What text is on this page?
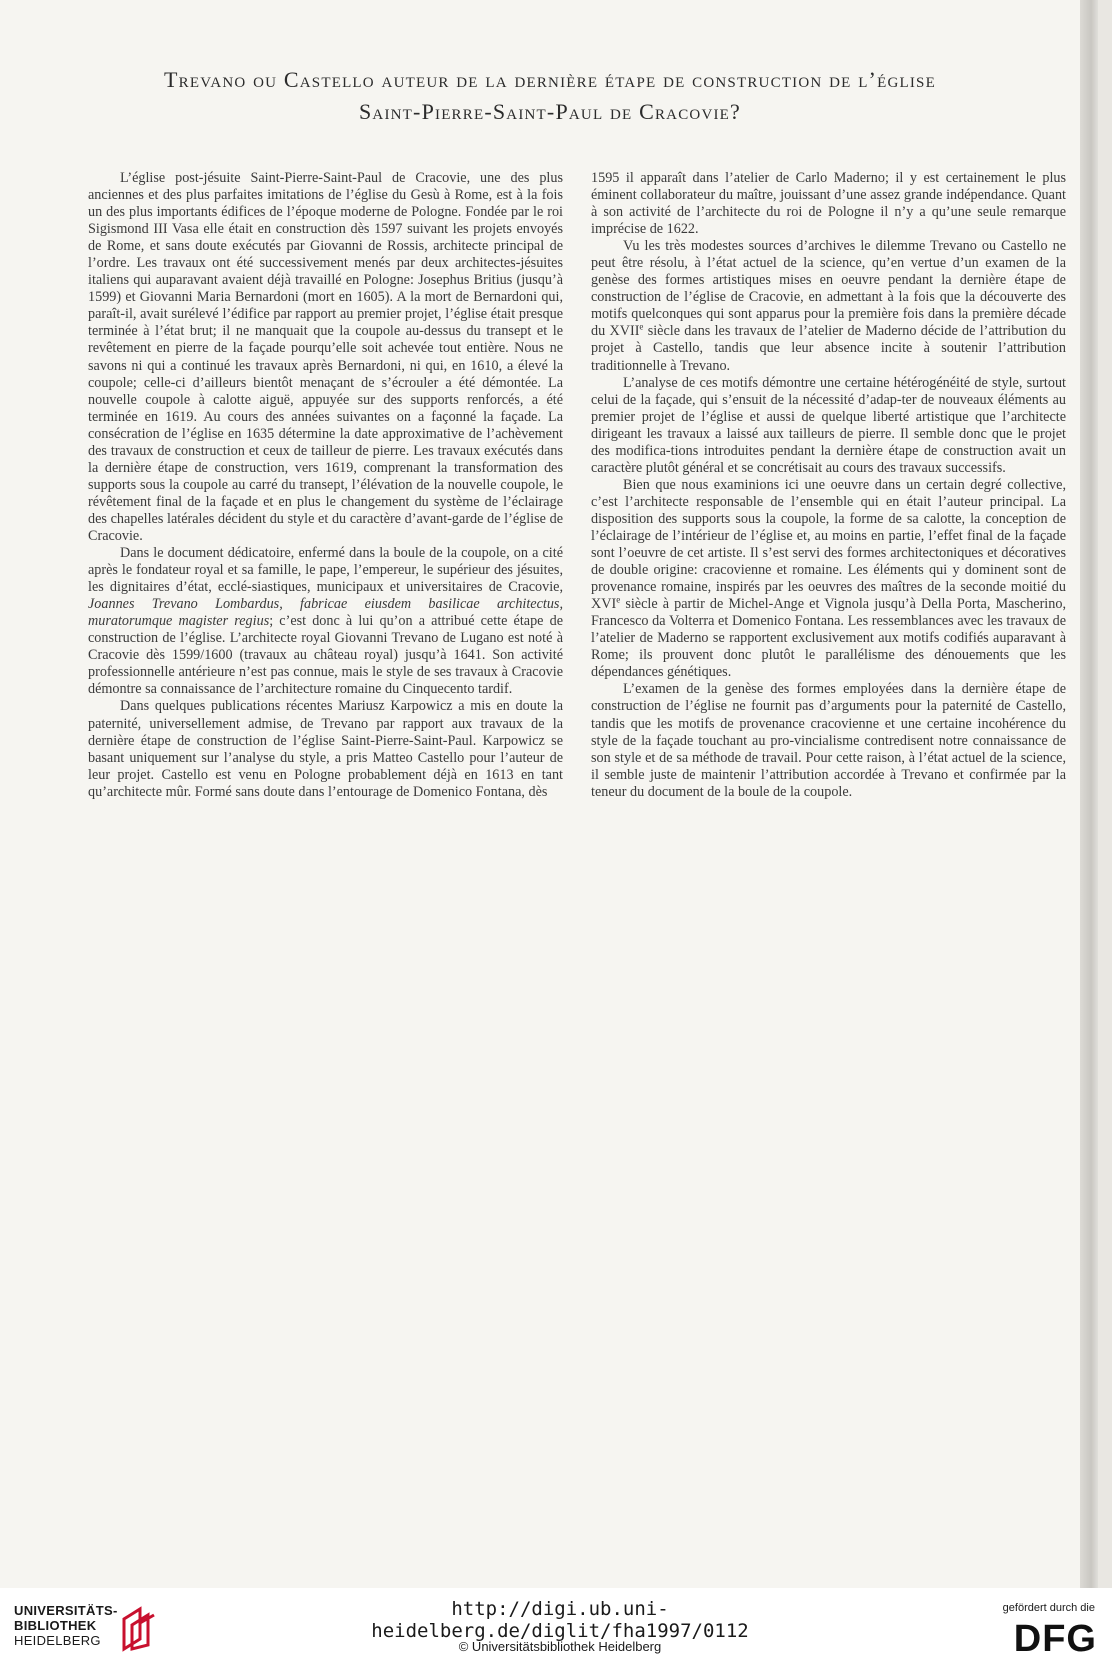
Trevano ou Castello auteur de la dernière étape de construction de l’église
Saint-Pierre-Saint-Paul de Cracovie?

L’église post-jésuite Saint-Pierre-Saint-Paul de Cracovie, une des plus anciennes et des plus parfaites imitations de l’église du Gesù à Rome, est à la fois un des plus importants édifices de l’époque moderne de Pologne. Fondée par le roi Sigismond III Vasa elle était en construction dès 1597 suivant les projets envoyés de Rome, et sans doute exécutés par Giovanni de Rossis, architecte principal de l’ordre. Les travaux ont été successivement menés par deux architectes-jésuites italiens qui auparavant avaient déjà travaillé en Pologne: Josephus Britius (jusqu’à 1599) et Giovanni Maria Bernardoni (mort en 1605). A la mort de Bernardoni qui, paraît-il, avait surélevé l’édifice par rapport au premier projet, l’église était presque terminée à l’état brut; il ne manquait que la coupole au-dessus du transept et le revêtement en pierre de la façade pourqu’elle soit achevée tout entière. Nous ne savons ni qui a continué les travaux après Bernardoni, ni qui, en 1610, a élevé la coupole; celle-ci d’ailleurs bientôt menaçant de s’écrouler a été démontée. La nouvelle coupole à calotte aiguë, appuyée sur des supports renforcés, a été terminée en 1619. Au cours des années suivantes on a façonné la façade. La consécration de l’église en 1635 détermine la date approximative de l’achèvement des travaux de construction et ceux de tailleur de pierre. Les travaux exécutés dans la dernière étape de construction, vers 1619, comprenant la transformation des supports sous la coupole au carré du transept, l’élévation de la nouvelle coupole, le révêtement final de la façade et en plus le changement du système de l’éclairage des chapelles latérales décident du style et du caractère d’avant-garde de l’église de Cracovie.

Dans le document dédicatoire, enfermé dans la boule de la coupole, on a cité après le fondateur royal et sa famille, le pape, l’empereur, le supérieur des jésuites, les dignitaires d’état, ecclé-siastiques, municipaux et universitaires de Cracovie, Joannes Trevano Lombardus, fabricae eiusdem basilicae architectus, muratorumque magister regius; c’est donc à lui qu’on a attribué cette étape de construction de l’église. L’architecte royal Giovanni Trevano de Lugano est noté à Cracovie dès 1599/1600 (travaux au château royal) jusqu’à 1641. Son activité professionnelle antérieure n’est pas connue, mais le style de ses travaux à Cracovie démontre sa connaissance de l’architecture romaine du Cinquecento tardif.

Dans quelques publications récentes Mariusz Karpowicz a mis en doute la paternité, universellement admise, de Trevano par rapport aux travaux de la dernière étape de construction de l’église Saint-Pierre-Saint-Paul. Karpowicz se basant uniquement sur l’analyse du style, a pris Matteo Castello pour l’auteur de leur projet. Castello est venu en Pologne probablement déjà en 1613 en tant qu’architecte mûr. Formé sans doute dans l’entourage de Domenico Fontana, dès

1595 il apparaît dans l’atelier de Carlo Maderno; il y est certainement le plus éminent collaborateur du maître, jouissant d’une assez grande indépendance. Quant à son activité de l’architecte du roi de Pologne il n’y a qu’une seule remarque imprécise de 1622.

Vu les très modestes sources d’archives le dilemme Trevano ou Castello ne peut être résolu, à l’état actuel de la science, qu’en vertue d’un examen de la genèse des formes artistiques mises en oeuvre pendant la dernière étape de construction de l’église de Cracovie, en admettant à la fois que la découverte des motifs quelconques qui sont apparus pour la première fois dans la première décade du XVIIe siècle dans les travaux de l’atelier de Maderno décide de l’attribution du projet à Castello, tandis que leur absence incite à soutenir l’attribution traditionnelle à Trevano.

L’analyse de ces motifs démontre une certaine hétérogénéité de style, surtout celui de la façade, qui s’ensuit de la nécessité d’adap-ter de nouveaux éléments au premier projet de l’église et aussi de quelque liberté artistique que l’architecte dirigeant les travaux a laissé aux tailleurs de pierre. Il semble donc que le projet des modifica-tions introduites pendant la dernière étape de construction avait un caractère plutôt général et se concrétisait au cours des travaux successifs.

Bien que nous examinions ici une oeuvre dans un certain degré collective, c’est l’architecte responsable de l’ensemble qui en était l’auteur principal. La disposition des supports sous la coupole, la forme de sa calotte, la conception de l’éclairage de l’intérieur de l’église et, au moins en partie, l’effet final de la façade sont l’oeuvre de cet artiste. Il s’est servi des formes architectoniques et décoratives de double origine: cracovienne et romaine. Les éléments qui y dominent sont de provenance romaine, inspirés par les oeuvres des maîtres de la seconde moitié du XVIe siècle à partir de Michel-Ange et Vignola jusqu’à Della Porta, Mascherino, Francesco da Volterra et Domenico Fontana. Les ressemblances avec les travaux de l’atelier de Maderno se rapportent exclusivement aux motifs codifiés auparavant à Rome; ils prouvent donc plutôt le parallélisme des dénouements que les dépendances génétiques.

L’examen de la genèse des formes employées dans la dernière étape de construction de l’église ne fournit pas d’arguments pour la paternité de Castello, tandis que les motifs de provenance cracovienne et une certaine incohérence du style de la façade touchant au pro-vincialisme contredisent notre connaissance de son style et de sa méthode de travail. Pour cette raison, à l’état actuel de la science, il semble juste de maintenir l’attribution accordée à Trevano et confirmée par la teneur du document de la boule de la coupole.

UNIVERSITÄTS-
BIBLIOTHEK
HEIDELBERG
http://digi.ub.uni-heidelberg.de/diglit/fha1997/0112
© Universitätsbibliothek Heidelberg
gefördert durch die
DFG
